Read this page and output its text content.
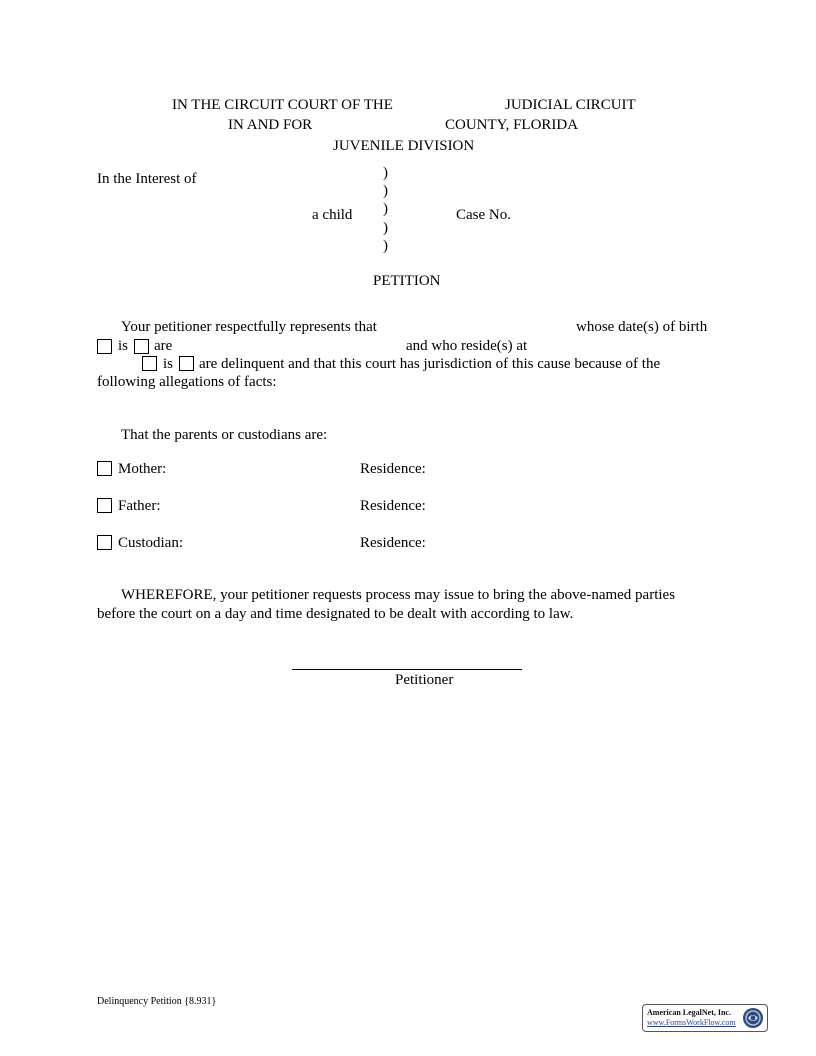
IN THE CIRCUIT COURT OF THE	JUDICIAL CIRCUIT
IN AND FOR	COUNTY, FLORIDA
JUVENILE DIVISION
In the Interest of	)
)
)
)
)
a child	Case No.
PETITION
Your petitioner respectfully represents that	whose date(s) of birth
is are	and who reside(s) at
is are delinquent and that this court has jurisdiction of this cause because of the
following allegations of facts:
That the parents or custodians are:
Mother:	Residence:
Father:	Residence:
Custodian:	Residence:
WHEREFORE, your petitioner requests process may issue to bring the above-named parties
before the court on a day and time designated to be dealt with according to law.
Petitioner
Delinquency Petition {8.931}
American LegalNet, Inc.
www.FormsWorkFlow.com
